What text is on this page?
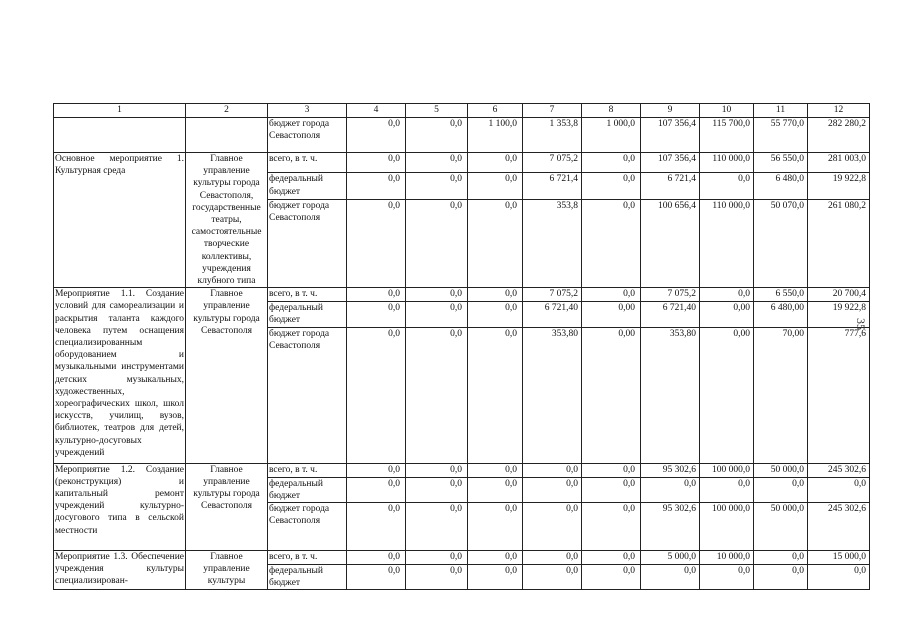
1	2	3	4	5	6	7	8	9	10	11	12
		бюджет города Севастополя	0,0	0,0	1 100,0	1 353,8	1 000,0	107 356,4	115 700,0	55 770,0	282 280,2
Основное мероприятие 1. Культурная среда	Главное управление культуры города Севастополя, государственные театры, самостоятельные творческие коллективы, учреждения клубного типа	всего, в т. ч.	0,0	0,0	0,0	7 075,2	0,0	107 356,4	110 000,0	56 550,0	281 003,0
		федеральный бюджет	0,0	0,0	0,0	6 721,4	0,0	6 721,4	0,0	6 480,0	19 922,8
		бюджет города Севастополя	0,0	0,0	0,0	353,8	0,0	100 656,4	110 000,0	50 070,0	261 080,2
Мероприятие 1.1. Создание условий для самореализации и раскрытия таланта каждого человека путем оснащения специализированным оборудованием и музыкальными инструментами детских музыкальных, художественных, хореографических школ, школ искусств, училищ, вузов, библиотек, театров для детей, культурно-досуговых учреждений	Главное управление культуры города Севастополя	всего, в т. ч.	0,0	0,0	0,0	7 075,2	0,0	7 075,2	0,0	6 550,0	20 700,4
		федеральный бюджет	0,0	0,0	0,0	6 721,40	0,00	6 721,40	0,00	6 480,00	19 922,8
		бюджет города Севастополя	0,0	0,0	0,0	353,80	0,00	353,80	0,00	70,00	777,6
Мероприятие 1.2. Создание (реконструкция) и капитальный ремонт учреждений культурно-досугового типа в сельской местности	Главное управление культуры города Севастополя	всего, в т. ч.	0,0	0,0	0,0	0,0	0,0	95 302,6	100 000,0	50 000,0	245 302,6
		федеральный бюджет	0,0	0,0	0,0	0,0	0,0	0,0	0,0	0,0	0,0
		бюджет города Севастополя	0,0	0,0	0,0	0,0	0,0	95 302,6	100 000,0	50 000,0	245 302,6
Мероприятие 1.3. Обеспечение учреждения культуры специализирован-	Главное управление культуры	всего, в т. ч.	0,0	0,0	0,0	0,0	0,0	5 000,0	10 000,0	0,0	15 000,0
		федеральный бюджет	0,0	0,0	0,0	0,0	0,0	0,0	0,0	0,0	0,0
35
